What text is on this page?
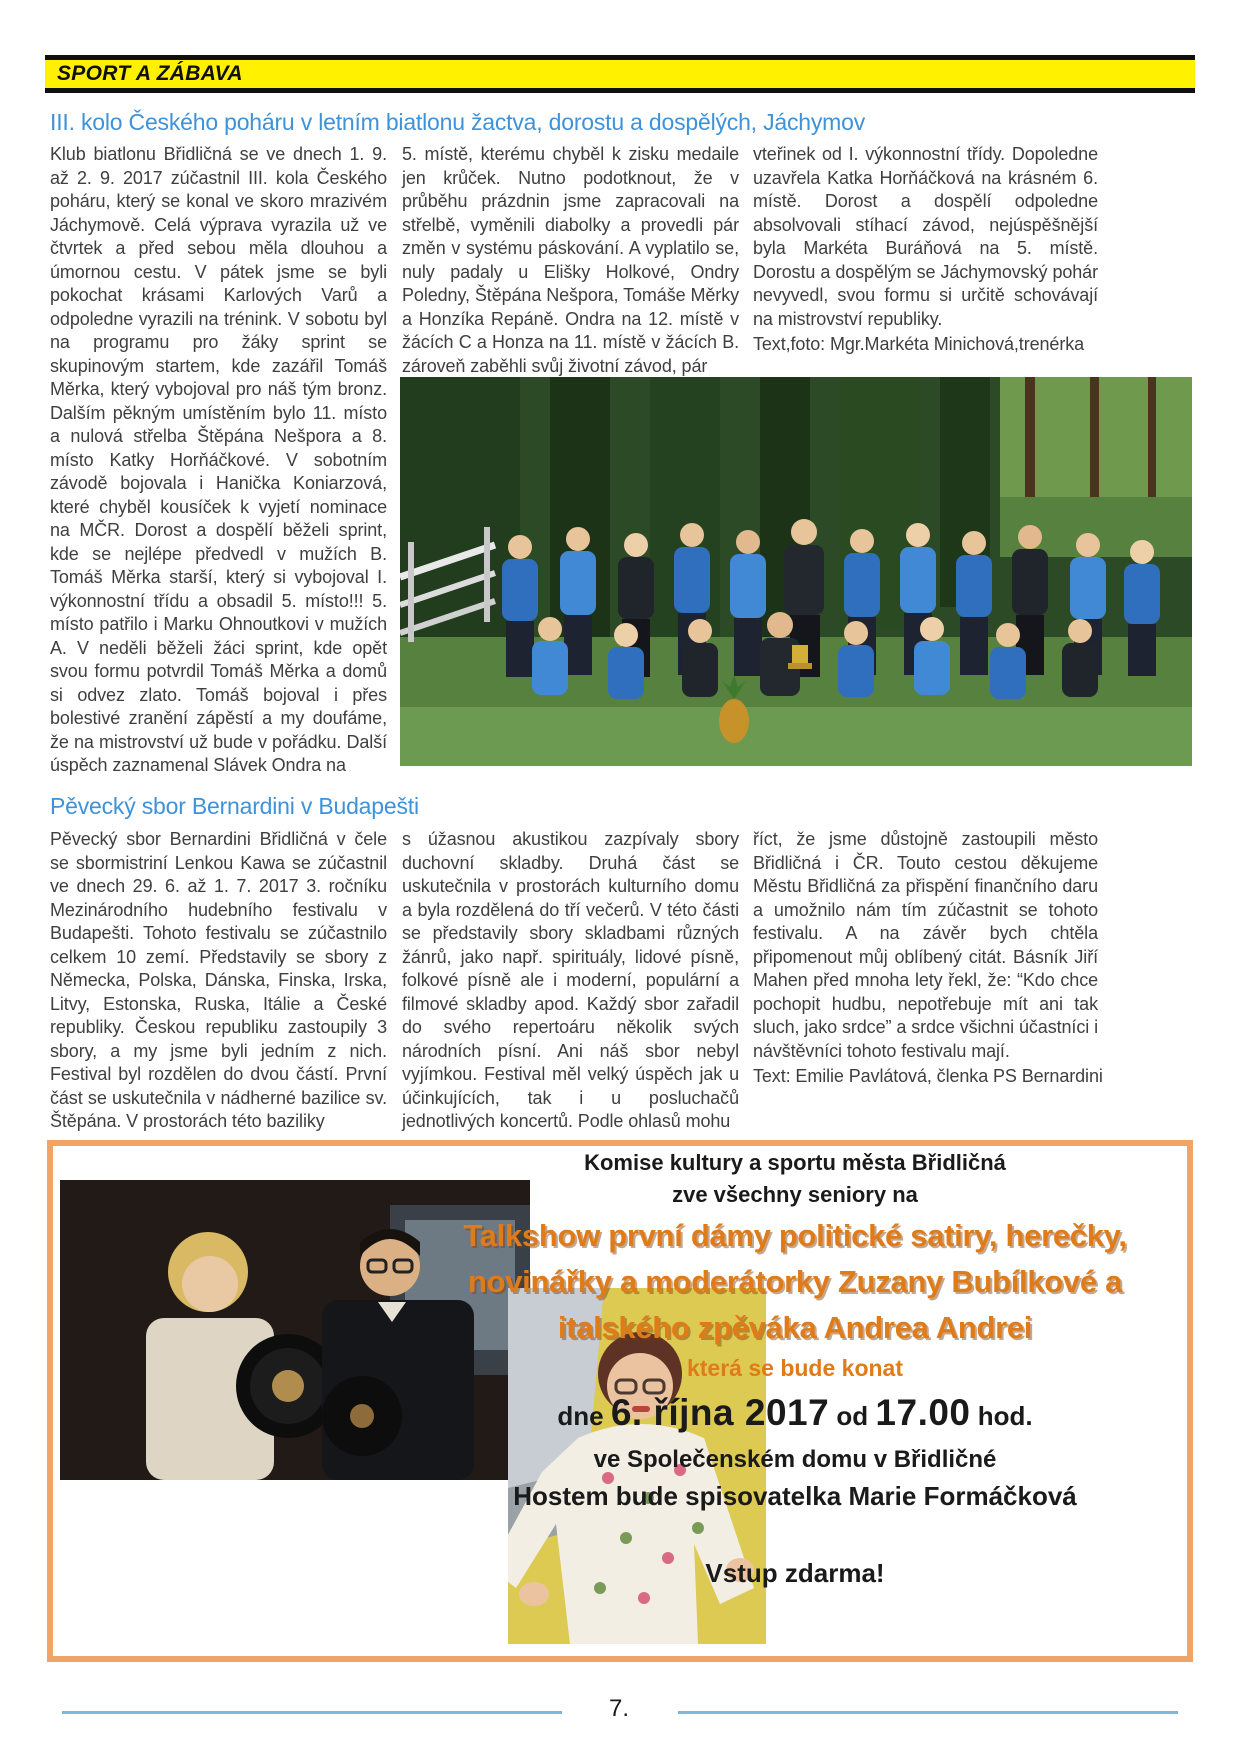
SPORT A ZÁBAVA
III. kolo Českého poháru v letním biatlonu žactva, dorostu a dospělých, Jáchymov
Klub biatlonu Břidličná se ve dnech 1. 9. až 2. 9. 2017 zúčastnil III. kola Českého poháru, který se konal ve skoro mrazivém Jáchymově. Celá výprava vyrazila už ve čtvrtek a před sebou měla dlouhou a úmornou cestu. V pátek jsme se byli pokochat krásami Karlových Varů a odpoledne vyrazili na trénink. V sobotu byl na programu pro žáky sprint se skupinovým startem, kde zazářil Tomáš Měrka, který vybojoval pro náš tým bronz. Dalším pěkným umístěním bylo 11. místo a nulová střelba Štěpána Nešpora a 8. místo Katky Horňáčkové. V sobotním závodě bojovala i Hanička Koniarzová, které chyběl kousíček k vyjetí nominace na MČR. Dorost a dospělí běželi sprint, kde se nejlépe předvedl v mužích B. Tomáš Měrka starší, který si vybojoval I. výkonnostní třídu a obsadil 5. místo!!! 5. místo patřilo i Marku Ohnoutkovi v mužích A. V neděli běželi žáci sprint, kde opět svou formu potvrdil Tomáš Měrka a domů si odvez zlato. Tomáš bojoval i přes bolestivé zranění zápěstí a my doufáme, že na mistrovství už bude v pořádku. Další úspěch zaznamenal Slávek Ondra na
5. místě, kterému chyběl k zisku medaile jen krůček. Nutno podotknout, že v průběhu prázdnin jsme zapracovali na střelbě, vyměnili diabolky a provedli pár změn v systému páskování. A vyplatilo se, nuly padaly u Elišky Holkové, Ondry Poledny, Štěpána Nešpora, Tomáše Měrky a Honzíka Repáně. Ondra na 12. místě v žácích C a Honza na 11. místě v žácích B. zároveň zaběhli svůj životní závod, pár

vteřinek od I. výkonnostní třídy. Dopoledne uzavřela Katka Horňáčková na krásném 6. místě. Dorost a dospělí odpoledne absolvovali stíhací závod, nejúspěšnější byla Markéta Buráňová na 5. místě. Dorostu a dospělým se Jáchymovský pohár nevyvedl, svou formu si určitě schovávají na mistrovství republiky.

Text,foto: Mgr.Markéta Minichová,trenérka
Pěvecký sbor Bernardini v Budapešti
Pěvecký sbor Bernardini Břidličná v čele se sbormistriní Lenkou Kawa se zúčastnil ve dnech 29. 6. až 1. 7. 2017 3. ročníku Mezinárodního hudebního festivalu v Budapešti. Tohoto festivalu se zúčastnilo celkem 10 zemí. Představily se sbory z Německa, Polska, Dánska, Finska, Irska, Litvy, Estonska, Ruska, Itálie a České republiky. Českou republiku zastoupily 3 sbory, a my jsme byli jedním z nich. Festival byl rozdělen do dvou částí. První část se uskutečnila v nádherné bazilice sv. Štěpána. V prostorách této baziliky
s úžasnou akustikou zazpívaly sbory duchovní skladby. Druhá část se uskutečnila v prostorách kulturního domu a byla rozdělená do tří večerů. V této části se představily sbory skladbami různých žánrů, jako např. spirituály, lidové písně, folkové písně ale i moderní, populární a filmové skladby apod. Každý sbor zařadil do svého repertoáru několik svých národních písní. Ani náš sbor nebyl vyjímkou. Festival měl velký úspěch jak u účinkujících, tak i u posluchačů jednotlivých koncertů. Podle ohlasů mohu

říct, že jsme důstojně zastoupili město Břidličná i ČR. Touto cestou děkujeme Městu Břidličná za přispění finančního daru a umožnilo nám tím zúčastnit se tohoto festivalu. A na závěr bych chtěla připomenout můj oblíbený citát. Básník Jiří Mahen před mnoha lety řekl, že: “Kdo chce pochopit hudbu, nepotřebuje mít ani tak sluch, jako srdce” a srdce všichni účastníci i návštěvníci tohoto festivalu mají.

Text: Emilie Pavlátová, členka PS Bernardini
Komise kultury a sportu města Břidličná
zve všechny seniory na
Talkshow první dámy politické satiry, herečky,
novinářky a moderátorky Zuzany Bubílkové a
italského zpěváka Andrea Andrei
která se bude konat
dne 6. října 2017 od 17.00 hod.
ve Společenském domu v Břidličné
Hostem bude spisovatelka Marie Formáčková
Vstup zdarma!
7.
